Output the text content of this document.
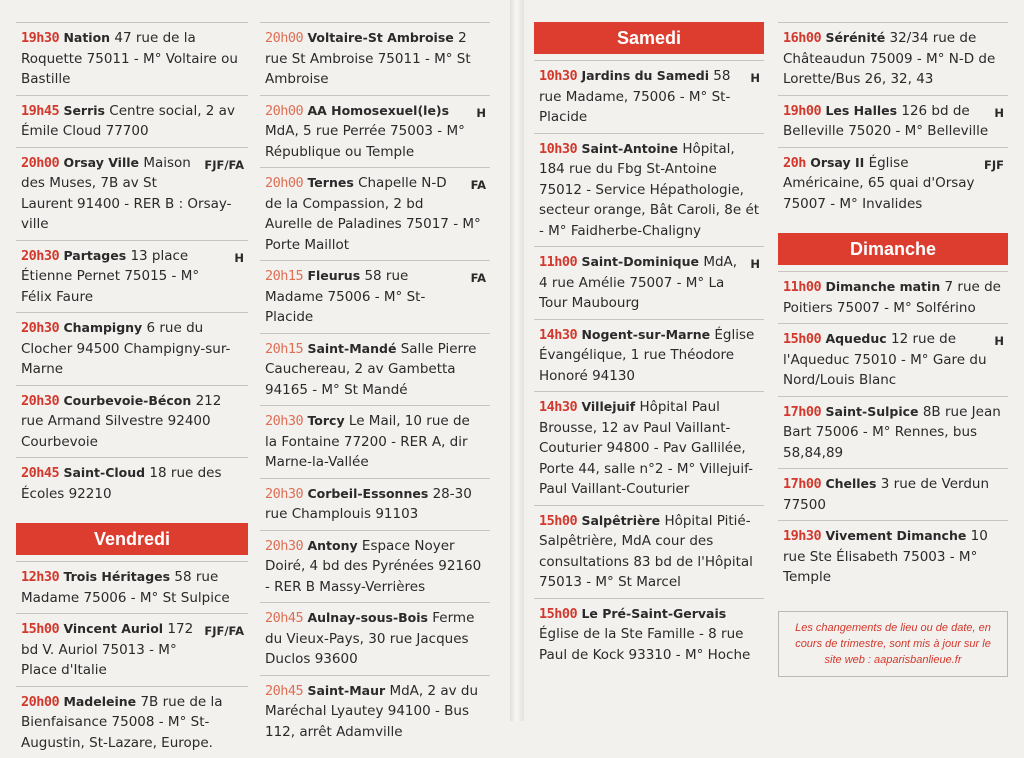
19h30 Nation 47 rue de la Roquette 75011 - M° Voltaire ou Bastille
19h45 Serris Centre social, 2 av Émile Cloud 77700
FJF/FA
20h00 Orsay Ville Maison des Muses, 7B av St Laurent 91400 - RER B : Orsay-ville
H
20h30 Partages 13 place Étienne Pernet 75015 - M° Félix Faure
20h30 Champigny 6 rue du Clocher 94500 Champigny-sur-Marne
20h30 Courbevoie-Bécon 212 rue Armand Silvestre 92400 Courbevoie
20h45 Saint-Cloud 18 rue des Écoles 92210
Vendredi
12h30 Trois Héritages 58 rue Madame 75006 - M° St Sulpice
FJF/FA
15h00 Vincent Auriol 172 bd V. Auriol 75013 - M° Place d'Italie
20h00 Madeleine 7B rue de la Bienfaisance 75008 - M° St-Augustin, St-Lazare, Europe.
20h00 Voltaire-St Ambroise 2 rue St Ambroise 75011 - M° St Ambroise
H
20h00 AA Homosexuel(le)s MdA, 5 rue Perrée 75003 - M° République ou Temple
FA
20h00 Ternes Chapelle N-D de la Compassion, 2 bd Aurelle de Paladines 75017 - M° Porte Maillot
FA
20h15 Fleurus 58 rue Madame 75006 - M° St-Placide
20h15 Saint-Mandé Salle Pierre Cauchereau, 2 av Gambetta 94165 - M° St Mandé
20h30 Torcy Le Mail, 10 rue de la Fontaine 77200 - RER A, dir Marne-la-Vallée
20h30 Corbeil-Essonnes 28-30 rue Champlouis 91103
20h30 Antony Espace Noyer Doiré, 4 bd des Pyrénées 92160 - RER B Massy-Verrières
20h45 Aulnay-sous-Bois Ferme du Vieux-Pays, 30 rue Jacques Duclos 93600
20h45 Saint-Maur MdA, 2 av du Maréchal Lyautey 94100 - Bus 112, arrêt Adamville
Samedi
H
10h30 Jardins du Samedi 58 rue Madame, 75006 - M° St-Placide
10h30 Saint-Antoine Hôpital, 184 rue du Fbg St-Antoine 75012 - Service Hépathologie, secteur orange, Bât Caroli, 8e ét - M° Faidherbe-Chaligny
H
11h00 Saint-Dominique MdA, 4 rue Amélie 75007 - M° La Tour Maubourg
14h30 Nogent-sur-Marne Église Évangélique, 1 rue Théodore Honoré 94130
14h30 Villejuif Hôpital Paul Brousse, 12 av Paul Vaillant-Couturier 94800 - Pav Gallilée, Porte 44, salle n°2 - M° Villejuif-Paul Vaillant-Couturier
15h00 Salpêtrière Hôpital Pitié-Salpêtrière, MdA cour des consultations 83 bd de l'Hôpital 75013 - M° St Marcel
15h00 Le Pré-Saint-Gervais Église de la Ste Famille - 8 rue Paul de Kock 93310 - M° Hoche
16h00 Sérénité 32/34 rue de Châteaudun 75009 - M° N-D de Lorette/Bus 26, 32, 43
H
19h00 Les Halles 126 bd de Belleville 75020 - M° Belleville
FJF
20h Orsay II Église Américaine, 65 quai d'Orsay 75007 - M° Invalides
Dimanche
11h00 Dimanche matin 7 rue de Poitiers 75007 - M° Solférino
H
15h00 Aqueduc 12 rue de l'Aqueduc 75010 - M° Gare du Nord/Louis Blanc
17h00 Saint-Sulpice 8B rue Jean Bart 75006 - M° Rennes, bus 58,84,89
17h00 Chelles 3 rue de Verdun 77500
19h30 Vivement Dimanche 10 rue Ste Élisabeth 75003 - M° Temple
Les changements de lieu ou de date, en cours de trimestre, sont mis à jour sur le site web : aaparisbanlieue.fr
